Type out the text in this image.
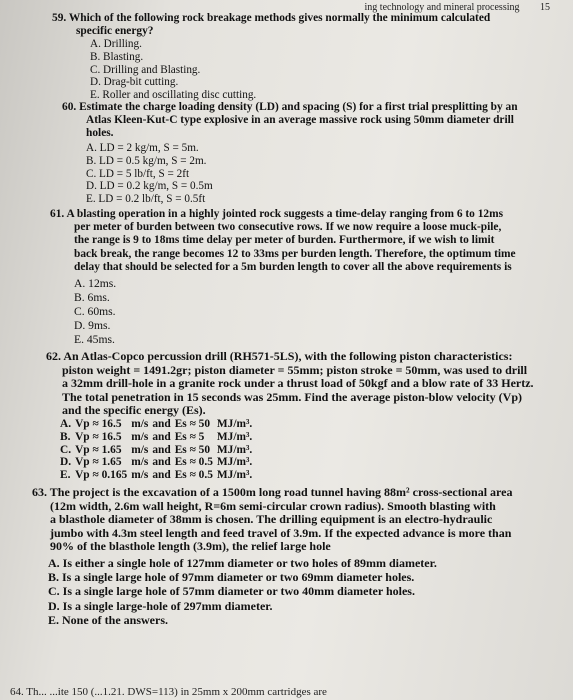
ing technology and mineral processing 15
59. Which of the following rock breakage methods gives normally the minimum calculated
specific energy?
A. Drilling.
B. Blasting.
C. Drilling and Blasting.
D. Drag-bit cutting.
E. Roller and oscillating disc cutting.
60. Estimate the charge loading density (LD) and spacing (S) for a first trial presplitting by an
Atlas Kleen-Kut-C type explosive in an average massive rock using 50mm diameter drill
holes.
A. LD = 2 kg/m, S = 5m.
B. LD = 0.5 kg/m, S = 2m.
C. LD = 5 lb/ft, S = 2ft
D. LD = 0.2 kg/m, S = 0.5m
E. LD = 0.2 lb/ft, S = 0.5ft
61. A blasting operation in a highly jointed rock suggests a time-delay ranging from 6 to 12ms
per meter of burden between two consecutive rows. If we now require a loose muck-pile,
the range is 9 to 18ms time delay per meter of burden. Furthermore, if we wish to limit
back break, the range becomes 12 to 33ms per burden length. Therefore, the optimum time
delay that should be selected for a 5m burden length to cover all the above requirements is
A. 12ms.
B. 6ms.
C. 60ms.
D. 9ms.
E. 45ms.
62. An Atlas-Copco percussion drill (RH571-5LS), with the following piston characteristics:
piston weight = 1491.2gr; piston diameter = 55mm; piston stroke = 50mm, was used to drill
a 32mm drill-hole in a granite rock under a thrust load of 50kgf and a blow rate of 33 Hertz.
The total penetration in 15 seconds was 25mm. Find the average piston-blow velocity (Vp)
and the specific energy (Es).
A.	Vp ≈ 16.5	m/s	and	Es ≈ 50	MJ/m³.
B.	Vp ≈ 16.5	m/s	and	Es ≈ 5	MJ/m³.
C.	Vp ≈ 1.65	m/s	and	Es ≈ 50	MJ/m³.
D.	Vp ≈ 1.65	m/s	and	Es ≈ 0.5	MJ/m³.
E.	Vp ≈ 0.165	m/s	and	Es ≈ 0.5	MJ/m³.
63. The project is the excavation of a 1500m long road tunnel having 88m² cross-sectional area
(12m width, 2.6m wall height, R=6m semi-circular crown radius). Smooth blasting with
a blasthole diameter of 38mm is chosen. The drilling equipment is an electro-hydraulic
jumbo with 4.3m steel length and feed travel of 3.9m. If the expected advance is more than
90% of the blasthole length (3.9m), the relief large hole
A. Is either a single hole of 127mm diameter or two holes of 89mm diameter.
B. Is a single large hole of 97mm diameter or two 69mm diameter holes.
C. Is a single large hole of 57mm diameter or two 40mm diameter holes.
D. Is a single large-hole of 297mm diameter.
E. None of the answers.
64. Th... ...ite 150 (...1.21. DWS=113) in 25mm x 200mm cartridges are
